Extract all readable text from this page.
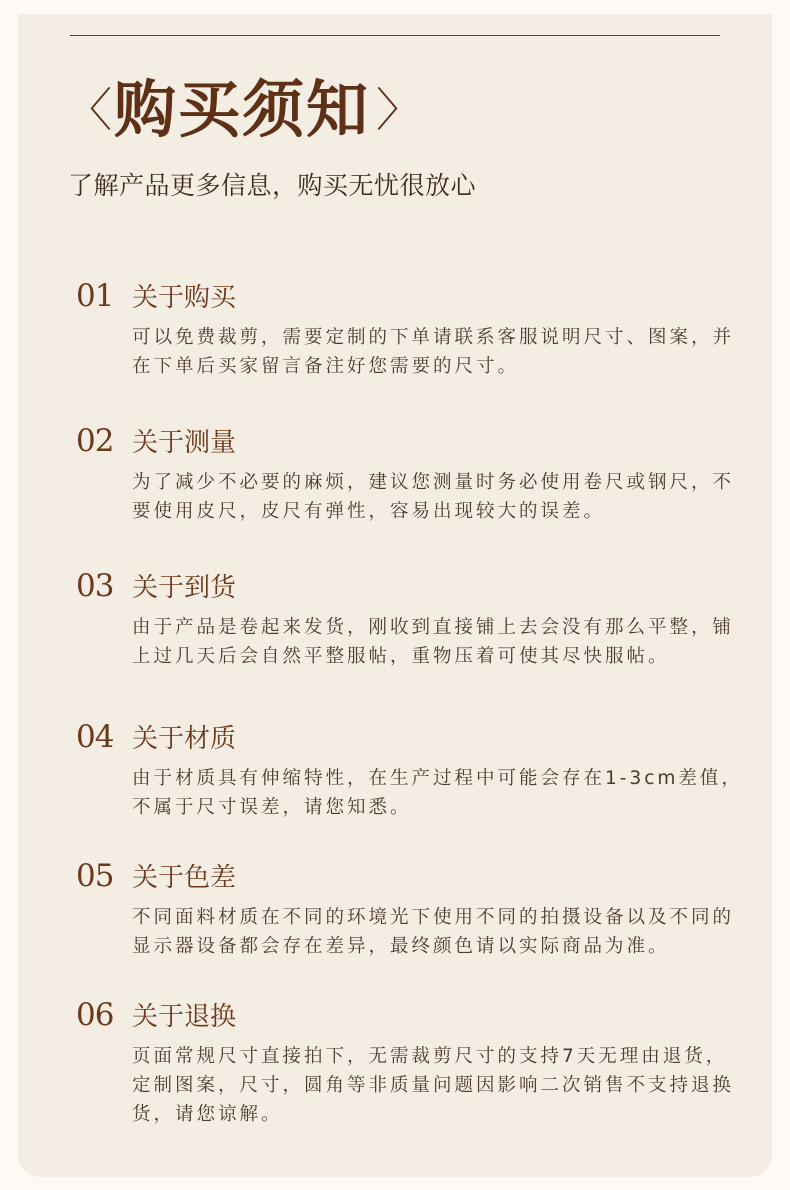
〈 购买须知 〉
了解产品更多信息，购买无忧很放心
01 关于购买
可以免费裁剪，需要定制的下单请联系客服说明尺寸、图案，并在下单后买家留言备注好您需要的尺寸。
02 关于测量
为了减少不必要的麻烦，建议您测量时务必使用卷尺或钢尺，不要使用皮尺，皮尺有弹性，容易出现较大的误差。
03 关于到货
由于产品是卷起来发货，刚收到直接铺上去会没有那么平整，铺上过几天后会自然平整服帖，重物压着可使其尽快服帖。
04 关于材质
由于材质具有伸缩特性，在生产过程中可能会存在1-3cm差值，不属于尺寸误差，请您知悉。
05 关于色差
不同面料材质在不同的环境光下使用不同的拍摄设备以及不同的显示器设备都会存在差异，最终颜色请以实际商品为准。
06 关于退换
页面常规尺寸直接拍下，无需裁剪尺寸的支持7天无理由退货，定制图案，尺寸，圆角等非质量问题因影响二次销售不支持退换货，请您谅解。
